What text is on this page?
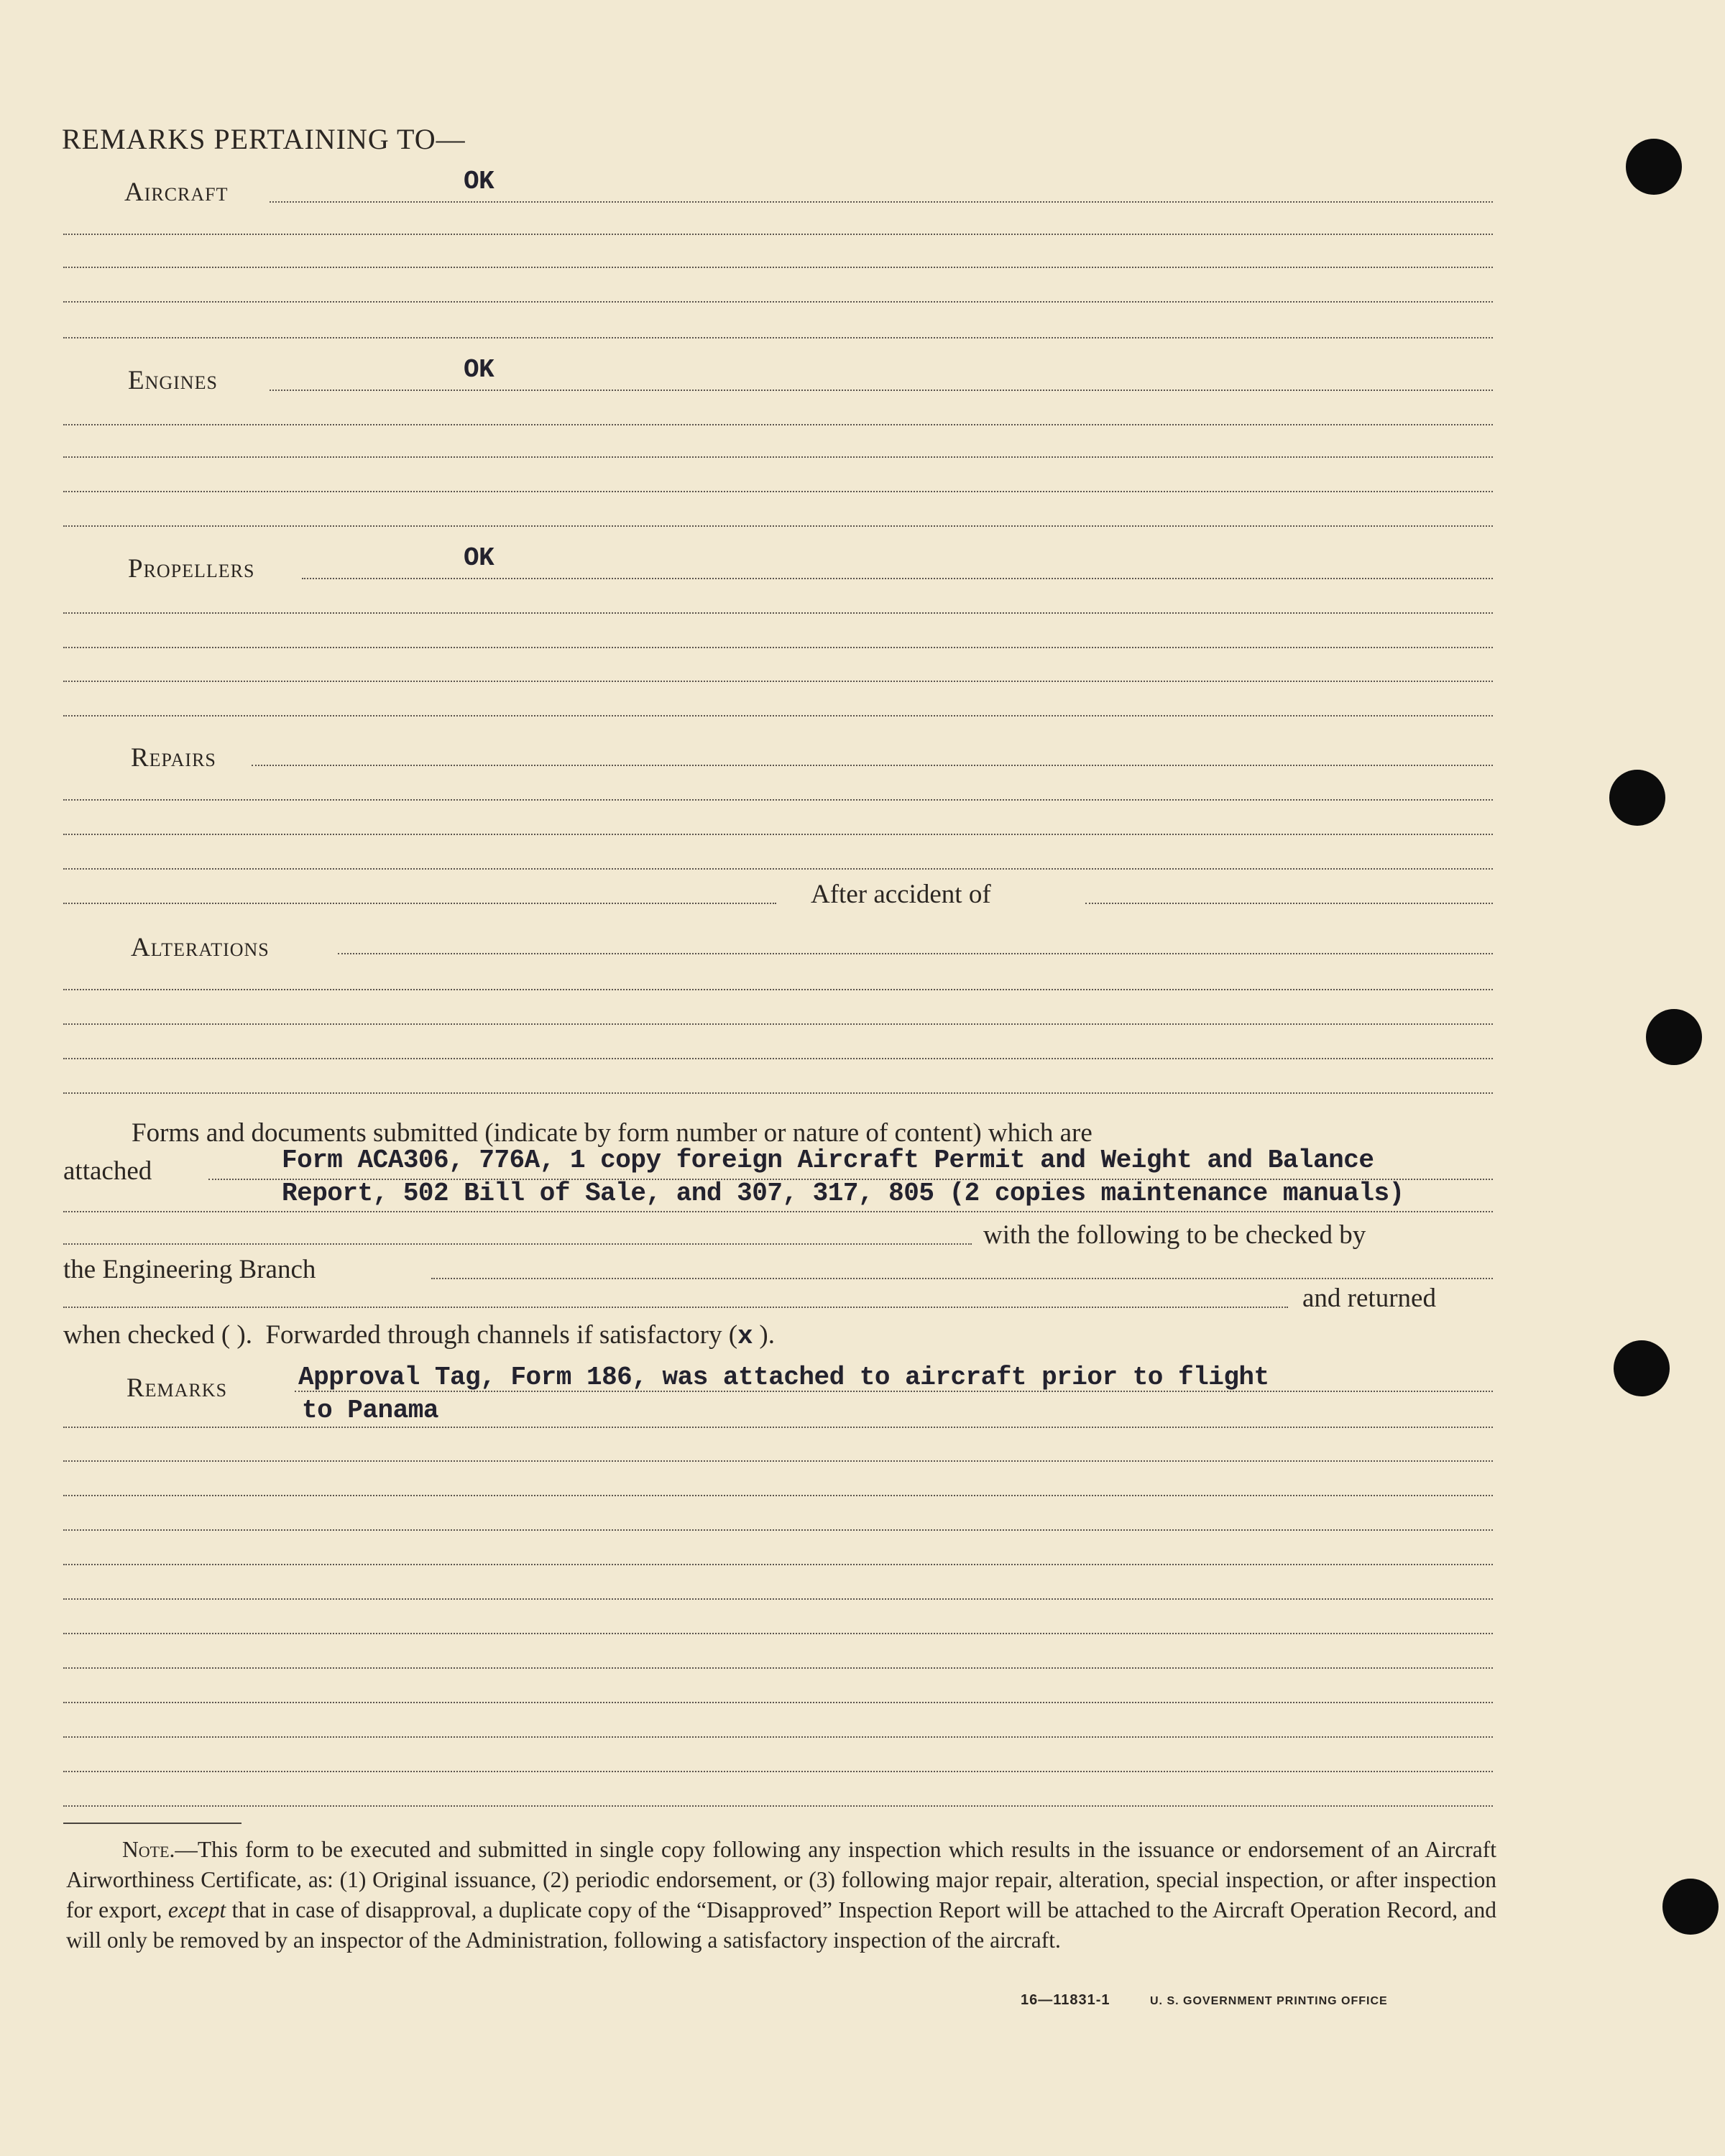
REMARKS PERTAINING TO—
Aircraft	OK
Engines	OK
Propellers	OK
Repairs
After accident of
Alterations
Forms and documents submitted (indicate by form number or nature of content) which are
attached	Form ACA306, 776A, 1 copy foreign Aircraft Permit and Weight and Balance
Report, 502 Bill of Sale, and 307, 317, 805 (2 copies maintenance manuals)
with the following to be checked by
the Engineering Branch
and returned
when checked ( ). Forwarded through channels if satisfactory (x ).
Remarks	Approval Tag, Form 186, was attached to aircraft prior to flight
to Panama
Note.—This form to be executed and submitted in single copy following any inspection which results in the issuance or endorsement of an Aircraft Airworthiness Certificate, as: (1) Original issuance, (2) periodic endorsement, or (3) following major repair, alteration, special inspection, or after inspection for export, except that in case of disapproval, a duplicate copy of the “Disapproved” Inspection Report will be attached to the Aircraft Operation Record, and will only be removed by an inspector of the Administration, following a satisfactory inspection of the aircraft.
16—11831-1	U. S. GOVERNMENT PRINTING OFFICE
